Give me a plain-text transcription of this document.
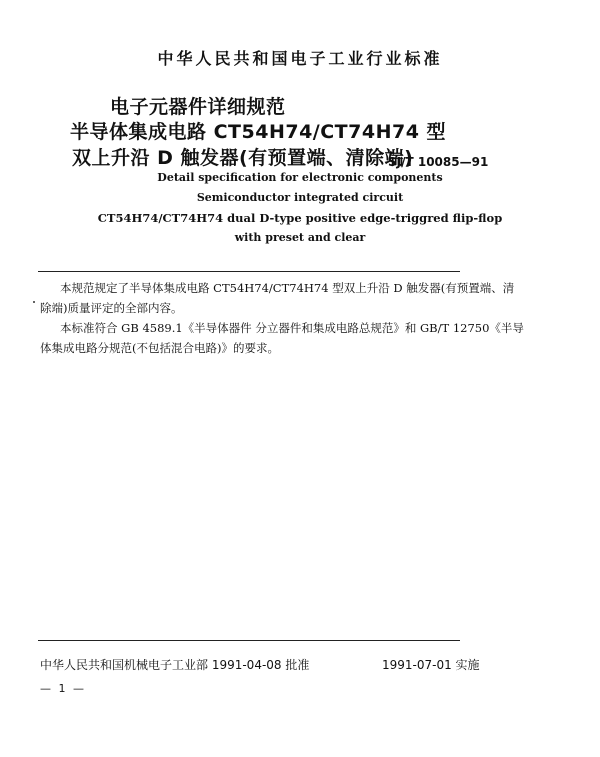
中华人民共和国电子工业行业标准
电子元器件详细规范
半导体集成电路 CT54H74/CT74H74 型
双上升沿 D 触发器(有预置端、清除端)
SJ/T 10085—91
Detail specification for electronic components
Semiconductor integrated circuit
CT54H74/CT74H74 dual D-type positive edge-triggred flip-flop
with preset and clear
本规范规定了半导体集成电路 CT54H74/CT74H74 型双上升沿 D 触发器(有预置端、清
除端)质量评定的全部内容。
本标准符合 GB 4589.1《半导体器件 分立器件和集成电路总规范》和 GB/T 12750《半导
体集成电路分规范(不包括混合电路)》的要求。
中华人民共和国机械电子工业部 1991-04-08 批准	1991-07-01 实施
— 1 —
